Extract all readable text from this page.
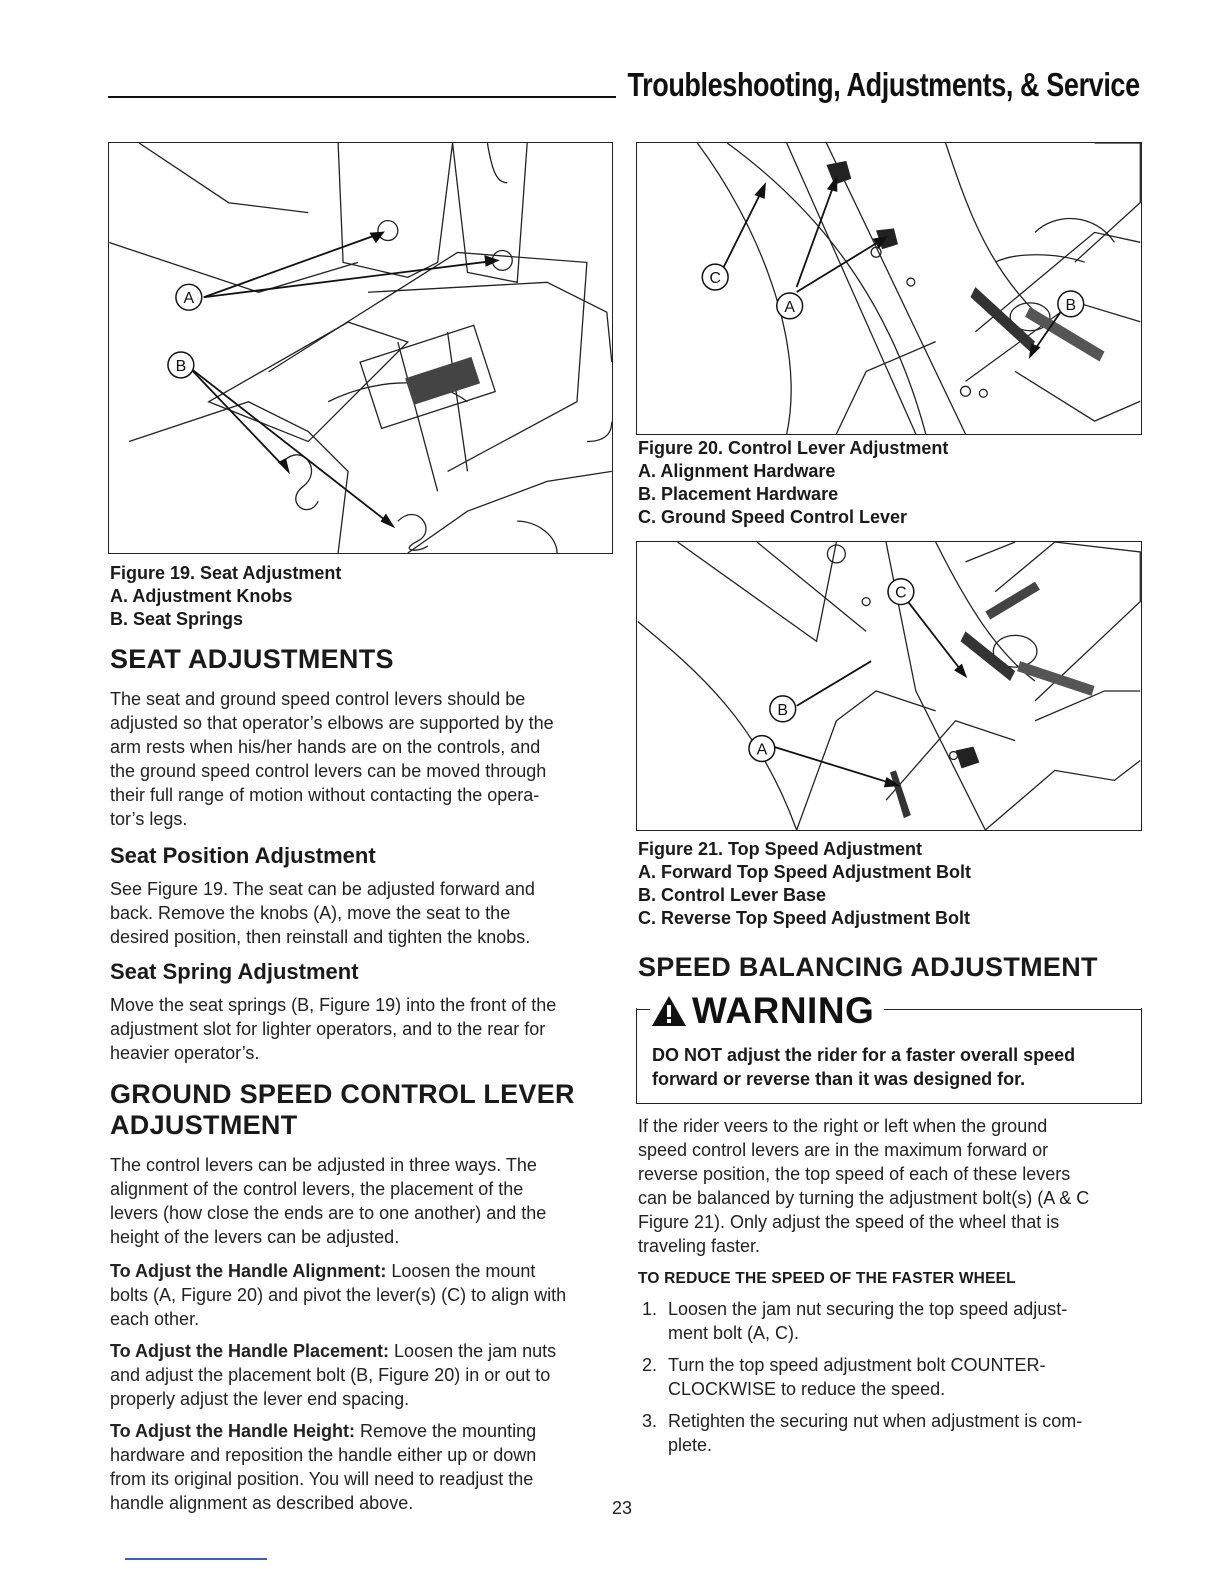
Troubleshooting, Adjustments, & Service
A
B
Figure 19. Seat Adjustment
A. Adjustment Knobs
B. Seat Springs
C
A	B
Figure 20. Control Lever Adjustment
A. Alignment Hardware
B. Placement Hardware
C. Ground Speed Control Lever
C
B
A
Figure 21. Top Speed Adjustment
A. Forward Top Speed Adjustment Bolt
B. Control Lever Base
C. Reverse Top Speed Adjustment Bolt
SEAT ADJUSTMENTS
The seat and ground speed control levers should be
adjusted so that operator’s elbows are supported by the
arm rests when his/her hands are on the controls, and
the ground speed control levers can be moved through
their full range of motion without contacting the opera-
tor’s legs.
Seat Position Adjustment
See Figure 19. The seat can be adjusted forward and
back. Remove the knobs (A), move the seat to the
desired position, then reinstall and tighten the knobs.
Seat Spring Adjustment
Move the seat springs (B, Figure 19) into the front of the
adjustment slot for lighter operators, and to the rear for
heavier operator’s.
GROUND SPEED CONTROL LEVER
ADJUSTMENT
The control levers can be adjusted in three ways. The
alignment of the control levers, the placement of the
levers (how close the ends are to one another) and the
height of the levers can be adjusted.
To Adjust the Handle Alignment: Loosen the mount
bolts (A, Figure 20) and pivot the lever(s) (C) to align with
each other.
To Adjust the Handle Placement: Loosen the jam nuts
and adjust the placement bolt (B, Figure 20) in or out to
properly adjust the lever end spacing.
To Adjust the Handle Height: Remove the mounting
hardware and reposition the handle either up or down
from its original position. You will need to readjust the
handle alignment as described above.
SPEED BALANCING ADJUSTMENT
WARNING
DO NOT adjust the rider for a faster overall speed
forward or reverse than it was designed for.
If the rider veers to the right or left when the ground
speed control levers are in the maximum forward or
reverse position, the top speed of each of these levers
can be balanced by turning the adjustment bolt(s) (A & C
Figure 21). Only adjust the speed of the wheel that is
traveling faster.
TO REDUCE THE SPEED OF THE FASTER WHEEL
1. Loosen the jam nut securing the top speed adjust-
ment bolt (A, C).
2. Turn the top speed adjustment bolt COUNTER-
CLOCKWISE to reduce the speed.
3. Retighten the securing nut when adjustment is com-
plete.
23
